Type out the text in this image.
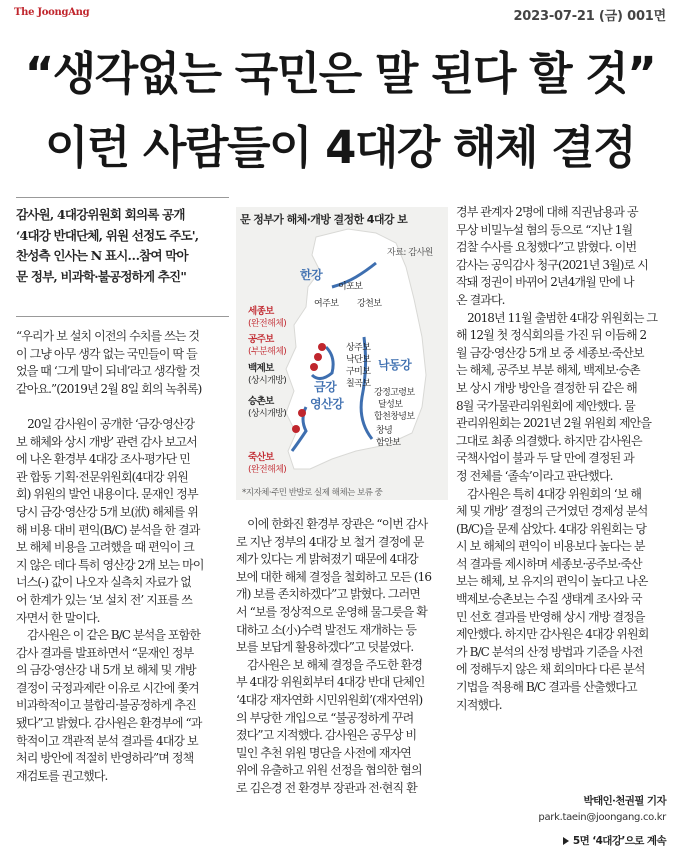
The JoongAng	2023-07-21 (금) 001면
“생각없는 국민은 말 된다 할 것”
이런 사람들이 4대강 해체 결정
감사원, 4대강위원회 회의록 공개
‘4대강 반대단체, 위원 선정도 주도',
찬성측 인사는 N 표시…참여 막아
문 정부, 비과학·불공정하게 추진"
“우리가 보 설치 이전의 수치를 쓰는 것
이 그냥 아무 생각 없는 국민들이 딱 들
었을 때 ‘그게 말이 되네’라고 생각할 것
같아요.”(2019년 2월 8일 회의 녹취록)
　20일 감사원이 공개한 ‘금강·영산강
보 해체와 상시 개방’ 관련 감사 보고서
에 나온 환경부 4대강 조사·평가단 민
관 합동 기획·전문위원회(4대강 위원
회) 위원의 발언 내용이다. 문재인 정부
당시 금강·영산강 5개 보(洑) 해체를 위
해 비용 대비 편익(B/C) 분석을 한 결과
보 해체 비용을 고려했을 때 편익이 크
지 않은 데다 특히 영산강 2개 보는 마이
너스(-) 값이 나오자 실측치 자료가 없
어 한계가 있는 ‘보 설치 전’ 지표를 쓰
자면서 한 말이다.
　감사원은 이 같은 B/C 분석을 포함한
감사 결과를 발표하면서 “문재인 정부
의 금강·영산강 내 5개 보 해체 및 개방
결정이 국정과제란 이유로 시간에 쫓겨
비과학적이고 불합리·불공정하게 추진
됐다”고 밝혔다. 감사원은 환경부에 “과
학적이고 객관적 분석 결과를 4대강 보
처리 방안에 적절히 반영하라”며 정책
재검토를 권고했다.
문 정부가 해체·개방 결정한 4대강 보
자료: 감사원
한강
금강
영산강
낙동강
이포보
여주보 강천보
상주보
낙단보
구미보
칠곡보
강정고령보
달성보
합천창녕보
창녕
함안보
세종보
(완전해체)
공주보
(부분해체)
백제보
(상시개방)
승촌보
(상시개방)
죽산보
(완전해체)
*지자체·주민 반발로 실제 해체는 보류 중
　이에 한화진 환경부 장관은 “이번 감사
로 지난 정부의 4대강 보 철거 결정에 문
제가 있다는 게 밝혀졌기 때문에 4대강
보에 대한 해체 결정을 철회하고 모든 (16
개) 보를 존치하겠다”고 밝혔다. 그러면
서 “보를 정상적으로 운영해 물그릇을 확
대하고 소(小)수력 발전도 재개하는 등
보를 보답게 활용하겠다”고 덧붙였다.
　감사원은 보 해체 결정을 주도한 환경
부 4대강 위원회부터 4대강 반대 단체인
‘4대강 재자연화 시민위원회’(재자연위)
의 부당한 개입으로 “불공정하게 꾸려
졌다”고 지적했다. 감사원은 공무상 비
밀인 추천 위원 명단을 사전에 재자연
위에 유출하고 위원 선정을 협의한 혐의
로 김은경 전 환경부 장관과 전·현직 환
경부 관계자 2명에 대해 직권남용과 공
무상 비밀누설 혐의 등으로 “지난 1월
검찰 수사를 요청했다”고 밝혔다. 이번
감사는 공익감사 청구(2021년 3월)로 시
작돼 정권이 바뀌어 2년4개월 만에 나
온 결과다.
　2018년 11월 출범한 4대강 위원회는 그
해 12월 첫 정식회의를 가진 뒤 이듬해 2
월 금강·영산강 5개 보 중 세종보·죽산보
는 해체, 공주보 부분 해체, 백제보·승촌
보 상시 개방 방안을 결정한 뒤 같은 해
8월 국가물관리위원회에 제안했다. 물
관리위원회는 2021년 2월 위원회 제안을
그대로 최종 의결했다. 하지만 감사원은
국책사업이 불과 두 달 만에 결정된 과
정 전체를 ‘졸속’이라고 판단했다.
　감사원은 특히 4대강 위원회의 ‘보 해
체 및 개방’ 결정의 근거였던 경제성 분석
(B/C)을 문제 삼았다. 4대강 위원회는 당
시 보 해체의 편익이 비용보다 높다는 분
석 결과를 제시하며 세종보·공주보·죽산
보는 해체, 보 유지의 편익이 높다고 나온
백제보·승촌보는 수질 생태계 조사와 국
민 선호 결과를 반영해 상시 개방 결정을
제안했다. 하지만 감사원은 4대강 위원회
가 B/C 분석의 산정 방법과 기준을 사전
에 정해두지 않은 채 회의마다 다른 분석
기법을 적용해 B/C 결과를 산출했다고
지적했다.
박태인·천권필 기자
park.taein@joongang.co.kr
5면 ‘4대강’으로 계속
